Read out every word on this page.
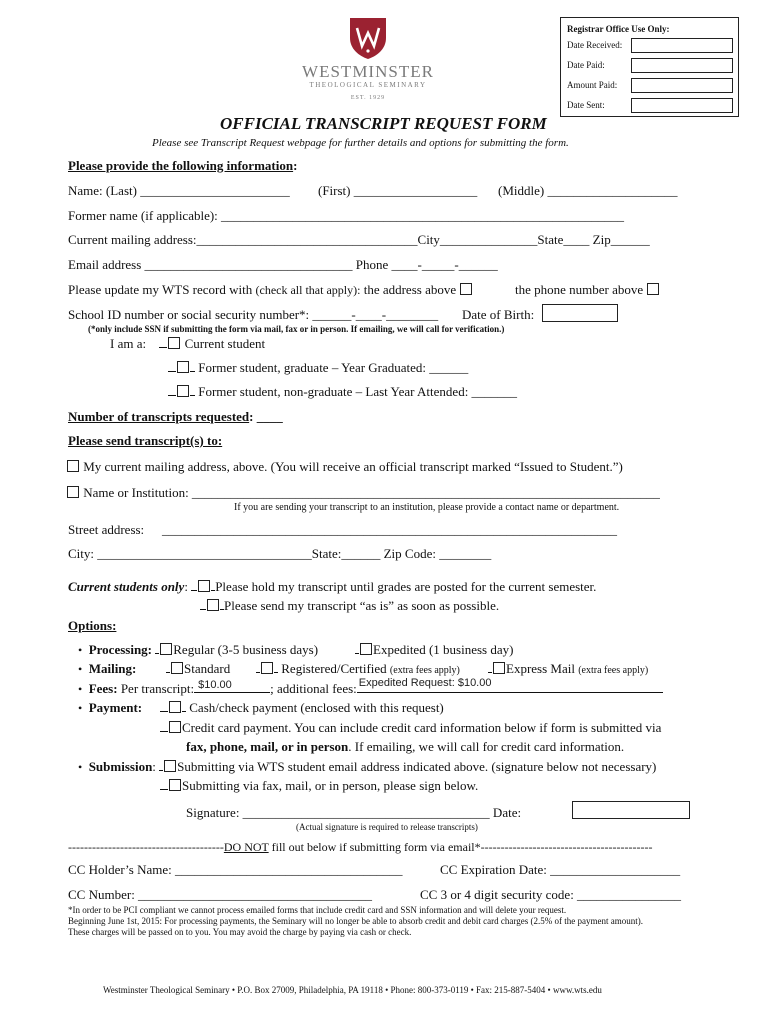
Registrar Office Use Only:
Date Received:
Date Paid:
Amount Paid:
Date Sent:
WESTMINSTER
THEOLOGICAL SEMINARY
EST. 1929
OFFICIAL TRANSCRIPT REQUEST FORM
Please see Transcript Request webpage for further details and options for submitting the form.
Please provide the following information:
Name: (Last) _______________________ (First) ___________________ (Middle) ____________________
Former name (if applicable): ______________________________________________________________
Current mailing address:__________________________________City_______________State____ Zip______
Email address ________________________________ Phone ____-_____-______
Please update my WTS record with (check all that apply): the address above	the phone number above
School ID number or social security number*: ______-____-________ Date of Birth:
(*only include SSN if submitting the form via mail, fax or in person. If emailing, we will call for verification.)
I am a:	Current student
Former student, graduate – Year Graduated: ______
Former student, non-graduate – Last Year Attended: _______
Number of transcripts requested: ____
Please send transcript(s) to:
My current mailing address, above. (You will receive an official transcript marked “Issued to Student.”)
Name or Institution: ________________________________________________________________________
If you are sending your transcript to an institution, please provide a contact name or department.
Street address: ______________________________________________________________________
City: _________________________________State:______ Zip Code: ________
Current students only: Please hold my transcript until grades are posted for the current semester.
Please send my transcript “as is” as soon as possible.
Options:
• Processing: Regular (3-5 business days)	Expedited (1 business day)
• Mailing:	Standard	Registered/Certified (extra fees apply)	Express Mail (extra fees apply)
• Fees: Per transcript: $10.00	; additional fees: Expedited Request: $10.00
• Payment:	Cash/check payment (enclosed with this request)
Credit card payment. You can include credit card information below if form is submitted via
fax, phone, mail, or in person. If emailing, we will call for credit card information.
• Submission: Submitting via WTS student email address indicated above. (signature below not necessary)
Submitting via fax, mail, or in person, please sign below.
Signature: ______________________________________ Date:
(Actual signature is required to release transcripts)
---------------------------------------DO NOT fill out below if submitting form via email*-------------------------------------------
CC Holder’s Name: ___________________________________	CC Expiration Date: ____________________
CC Number: ____________________________________	CC 3 or 4 digit security code: ________________
*In order to be PCI compliant we cannot process emailed forms that include credit card and SSN information and will delete your request.
Beginning June 1st, 2015: For processing payments, the Seminary will no longer be able to absorb credit and debit card charges (2.5% of the payment amount).
These charges will be passed on to you. You may avoid the charge by paying via cash or check.
Westminster Theological Seminary • P.O. Box 27009, Philadelphia, PA 19118 • Phone: 800-373-0119 • Fax: 215-887-5404 • www.wts.edu
